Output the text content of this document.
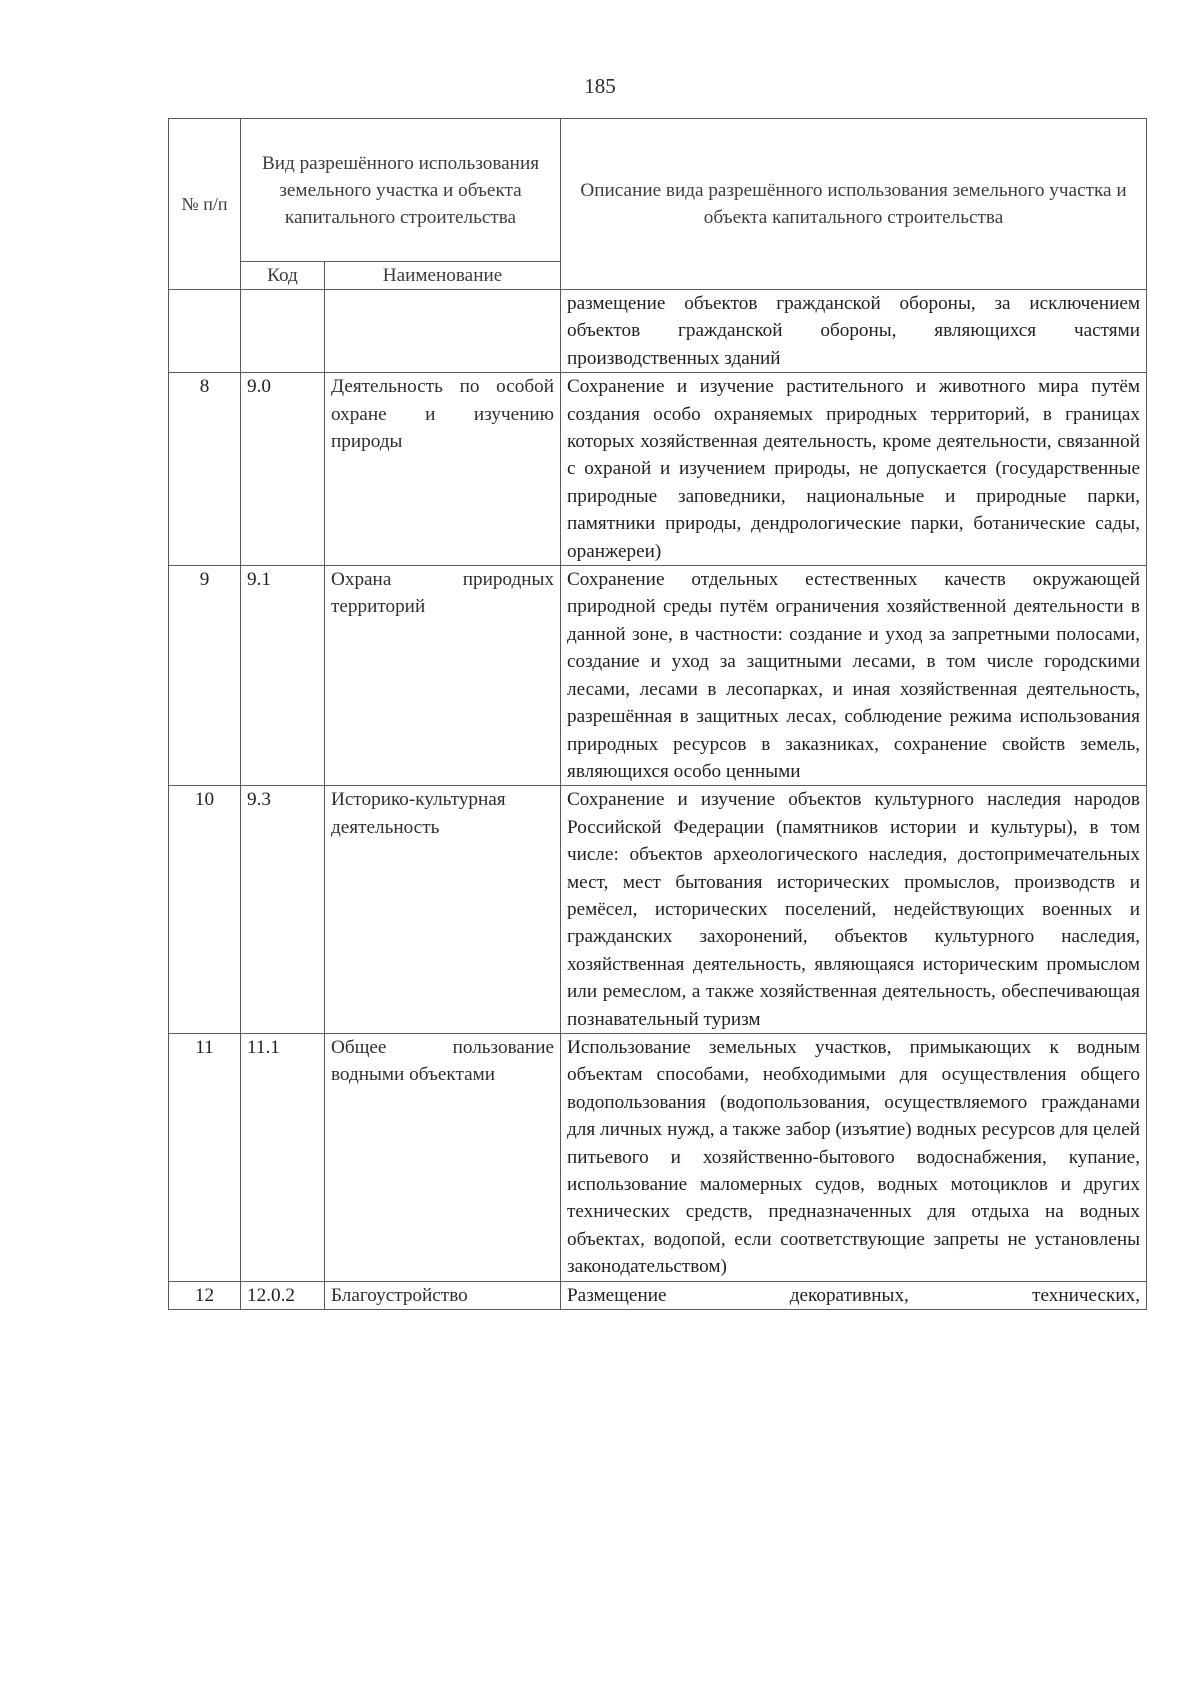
185
№ п/п	Вид разрешённого использования земельного участка и объекта капитального строительства		Описание вида разрешённого использования земельного участка и объекта капитального строительства
	Код	Наименование	
			размещение объектов гражданской обороны, за исключением объектов гражданской обороны, являющихся частями производственных зданий
8	9.0	Деятельность по особой охране и изучению природы	Сохранение и изучение растительного и животного мира путём создания особо охраняемых природных территорий, в границах которых хозяйственная деятельность, кроме деятельности, связанной с охраной и изучением природы, не допускается (государственные природные заповедники, национальные и природные парки, памятники природы, дендрологические парки, ботанические сады, оранжереи)
9	9.1	Охрана природных территорий	Сохранение отдельных естественных качеств окружающей природной среды путём ограничения хозяйственной деятельности в данной зоне, в частности: создание и уход за запретными полосами, создание и уход за защитными лесами, в том числе городскими лесами, лесами в лесопарках, и иная хозяйственная деятельность, разрешённая в защитных лесах, соблюдение режима использования природных ресурсов в заказниках, сохранение свойств земель, являющихся особо ценными
10	9.3	Историко-культурная деятельность	Сохранение и изучение объектов культурного наследия народов Российской Федерации (памятников истории и культуры), в том числе: объектов археологического наследия, достопримечательных мест, мест бытования исторических промыслов, производств и ремёсел, исторических поселений, недействующих военных и гражданских захоронений, объектов культурного наследия, хозяйственная деятельность, являющаяся историческим промыслом или ремеслом, а также хозяйственная деятельность, обеспечивающая познавательный туризм
11	11.1	Общее пользование водными объектами	Использование земельных участков, примыкающих к водным объектам способами, необходимыми для осуществления общего водопользования (водопользования, осуществляемого гражданами для личных нужд, а также забор (изъятие) водных ресурсов для целей питьевого и хозяйственно-бытового водоснабжения, купание, использование маломерных судов, водных мотоциклов и других технических средств, предназначенных для отдыха на водных объектах, водопой, если соответствующие запреты не установлены законодательством)
12	12.0.2	Благоустройство	Размещение декоративных, технических,
